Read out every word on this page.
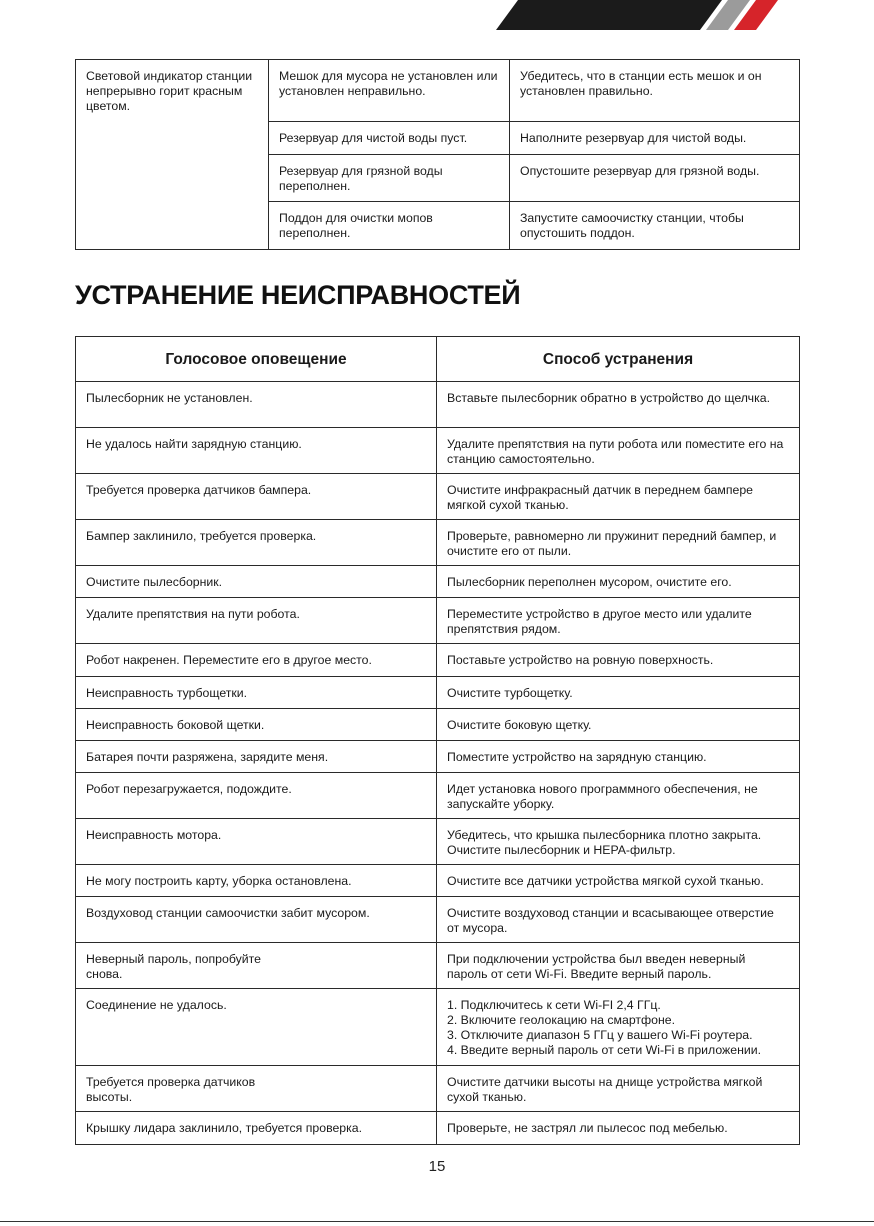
Световой индикатор станции непрерывно горит красным цветом.	Мешок для мусора не установлен или установлен неправильно.	Убедитесь, что в станции есть мешок и он установлен правильно.
	Резервуар для чистой воды пуст.	Наполните резервуар для чистой воды.
	Резервуар для грязной воды переполнен.	Опустошите резервуар для грязной воды.
	Поддон для очистки мопов переполнен.	Запустите самоочистку станции, чтобы опустошить поддон.
УСТРАНЕНИЕ НЕИСПРАВНОСТЕЙ
Голосовое оповещение	Способ устранения
Пылесборник не установлен.	Вставьте пылесборник обратно в устройство до щелчка.
Не удалось найти зарядную станцию.	Удалите препятствия на пути робота или поместите его на станцию самостоятельно.
Требуется проверка датчиков бампера.	Очистите инфракрасный датчик в переднем бампере мягкой сухой тканью.
Бампер заклинило, требуется проверка.	Проверьте, равномерно ли пружинит передний бампер, и очистите его от пыли.
Очистите пылесборник.	Пылесборник переполнен мусором, очистите его.
Удалите препятствия на пути робота.	Переместите устройство в другое место или удалите препятствия рядом.
Робот накренен. Переместите его в другое место.	Поставьте устройство на ровную поверхность.
Неисправность турбощетки.	Очистите турбощетку.
Неисправность боковой щетки.	Очистите боковую щетку.
Батарея почти разряжена, зарядите меня.	Поместите устройство на зарядную станцию.
Робот перезагружается, подождите.	Идет установка нового программного обеспечения, не запускайте уборку.
Неисправность мотора.	Убедитесь, что крышка пылесборника плотно закрыта. Очистите пылесборник и HEPA-фильтр.
Не могу построить карту, уборка остановлена.	Очистите все датчики устройства мягкой сухой тканью.
Воздуховод станции самоочистки забит мусором.	Очистите воздуховод станции и всасывающее отверстие от мусора.
Неверный пароль, попробуйте
снова.	При подключении устройства был введен неверный пароль от сети Wi-Fi. Введите верный пароль.
Соединение не удалось.	1. Подключитесь к сети Wi-FI 2,4 ГГц.
2. Включите геолокацию на смартфоне.
3. Отключите диапазон 5 ГГц у вашего Wi-Fi роутера.
4. Введите верный пароль от сети Wi-Fi в приложении.
Требуется проверка датчиков
высоты.	Очистите датчики высоты на днище устройства мягкой сухой тканью.
Крышку лидара заклинило, требуется проверка.	Проверьте, не застрял ли пылесос под мебелью.
15
